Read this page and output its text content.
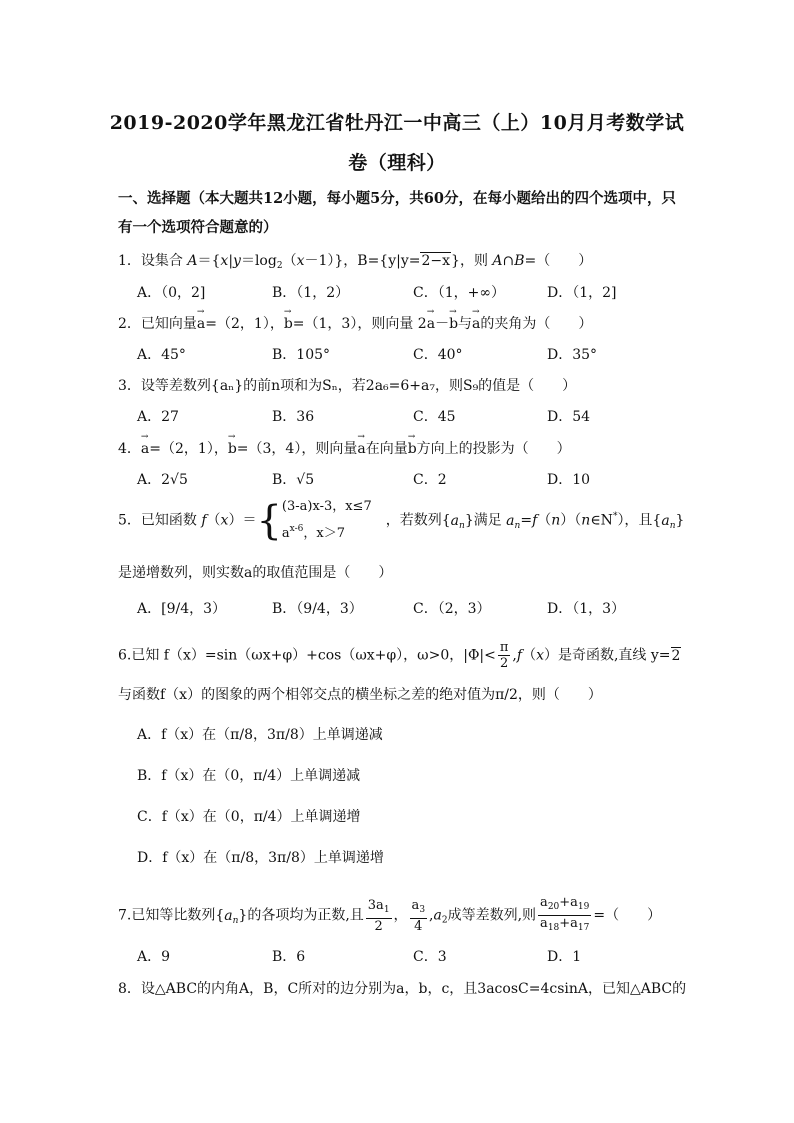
2019-2020学年黑龙江省牡丹江一中高三（上）10月月考数学试
卷（理科）
一、选择题（本大题共12小题，每小题5分，共60分，在每小题给出的四个选项中，只有一个选项符合题意的）
1．设集合 $A=\{x|y=\log_2(x-1)\}$，B={y|y=2−x}，则 A∩B=（　　）
A．（0，2]	B．（1，2）	C．（1，+∞）	D．（1，2]
2．已知向量→ a=（2，1），→ b=（1，3），则向量 2→ a－→ b与→ a的夹角为（　　）
A．45°	B．105°	C．40°	D．35°
3．设等差数列{aₙ}的前n项和为Sₙ，若2a₆=6+a₇，则S₉的值是（　　）
A．27	B．36	C．45	D．54
4．→ a=（2，1），→ b=（3，4），则向量→ a在向量→ b方向上的投影为（　　）
A．2√5	B．√5	C．2	D．10
5．已知函数 f（x）＝{(3-a)x-3，x≤7
$a^{x-6}$，x＞7　，若数列$\{a_n\}$满足 $a_n=f(n)(n\in N^*)$，且$\{a_n\}$
是递增数列，则实数a的取值范围是（　　）
A．[9/4，3）	B．（9/4，3）	C．（2，3）	D．（1，3）
6.已知 f（x）=sin（ωx+φ）+cos（ωx+φ），ω>0，$|\Phi|< \frac{\pi}{2} ,f(x)$是奇函数,直线 y=2
与函数f（x）的图象的两个相邻交点的横坐标之差的绝对值为π/2，则（　　）
A．f（x）在（π/8，3π/8）上单调递减
B．f（x）在（0，π/4）上单调递减
C．f（x）在（0，π/4）上单调递增
D．f（x）在（π/8，3π/8）上单调递增
7.已知等比数列$\{a_n\}$的各项均为正数,且 $\frac{3a_1}{2}$ ， $\frac{a_3}{4} ,a_2$成等差数列,则 $\frac{a_{20}+a_{19}}{a_{18}+a_{17}}$ =（　　）
A．9	B．6	C．3	D．1
8．设△ABC的内角A，B，C所对的边分别为a，b，c，且3acosC=4csinA，已知△ABC的
